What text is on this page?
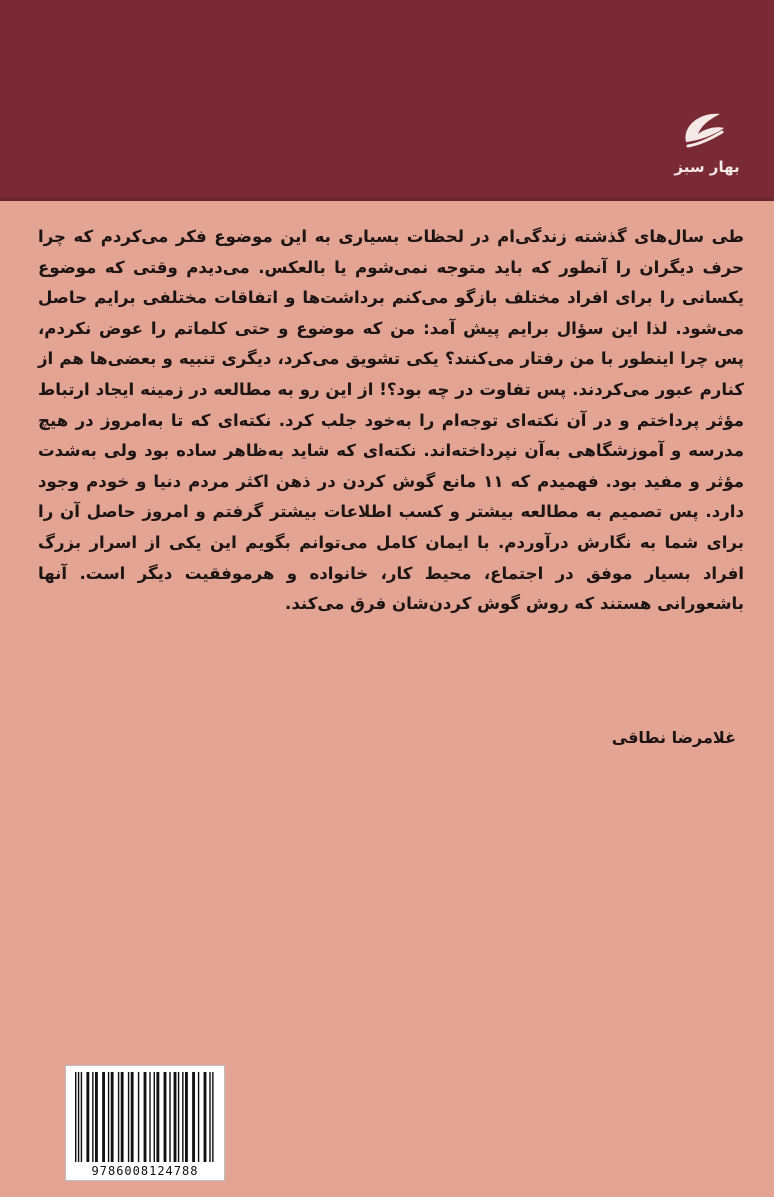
بهار سبز

طی سال‌های گذشته زندگی‌ام در لحظات بسیاری به این موضوع فکر می‌کردم که چرا حرف دیگران را آنطور که باید متوجه نمی‌شوم یا بالعکس. می‌دیدم وقتی که موضوع یکسانی را برای افراد مختلف بازگو می‌کنم برداشت‌ها و اتفاقات مختلفی برایم حاصل می‌شود. لذا این سؤال برایم پیش آمد: من که موضوع و حتی کلماتم را عوض نکردم، پس چرا اینطور با من رفتار می‌کنند؟ یکی تشویق می‌کرد، دیگری تنبیه و بعضی‌ها هم از کنارم عبور می‌کردند. پس تفاوت در چه بود؟! از این رو به مطالعه در زمینه ایجاد ارتباط مؤثر پرداختم و در آن نکته‌ای توجه‌ام را به‌خود جلب کرد. نکته‌ای که تا به‌امروز در هیچ مدرسه و آموزشگاهی به‌آن نپرداخته‌اند. نکته‌ای که شاید به‌ظاهر ساده بود ولی به‌شدت مؤثر و مفید بود. فهمیدم که ۱۱ مانع گوش کردن در ذهن اکثر مردم دنیا و خودم وجود دارد. پس تصمیم به مطالعه بیشتر و کسب اطلاعات بیشتر گرفتم و امروز حاصل آن را برای شما به نگارش درآوردم. با ایمان کامل می‌توانم بگویم این یکی از اسرار بزرگ افراد بسیار موفق در اجتماع، محیط کار، خانواده و هرموفقیت دیگر است. آنها باشعورانی هستند که روش گوش کردن‌شان فرق می‌کند.

غلامرضا نطاقی
9786008124788
